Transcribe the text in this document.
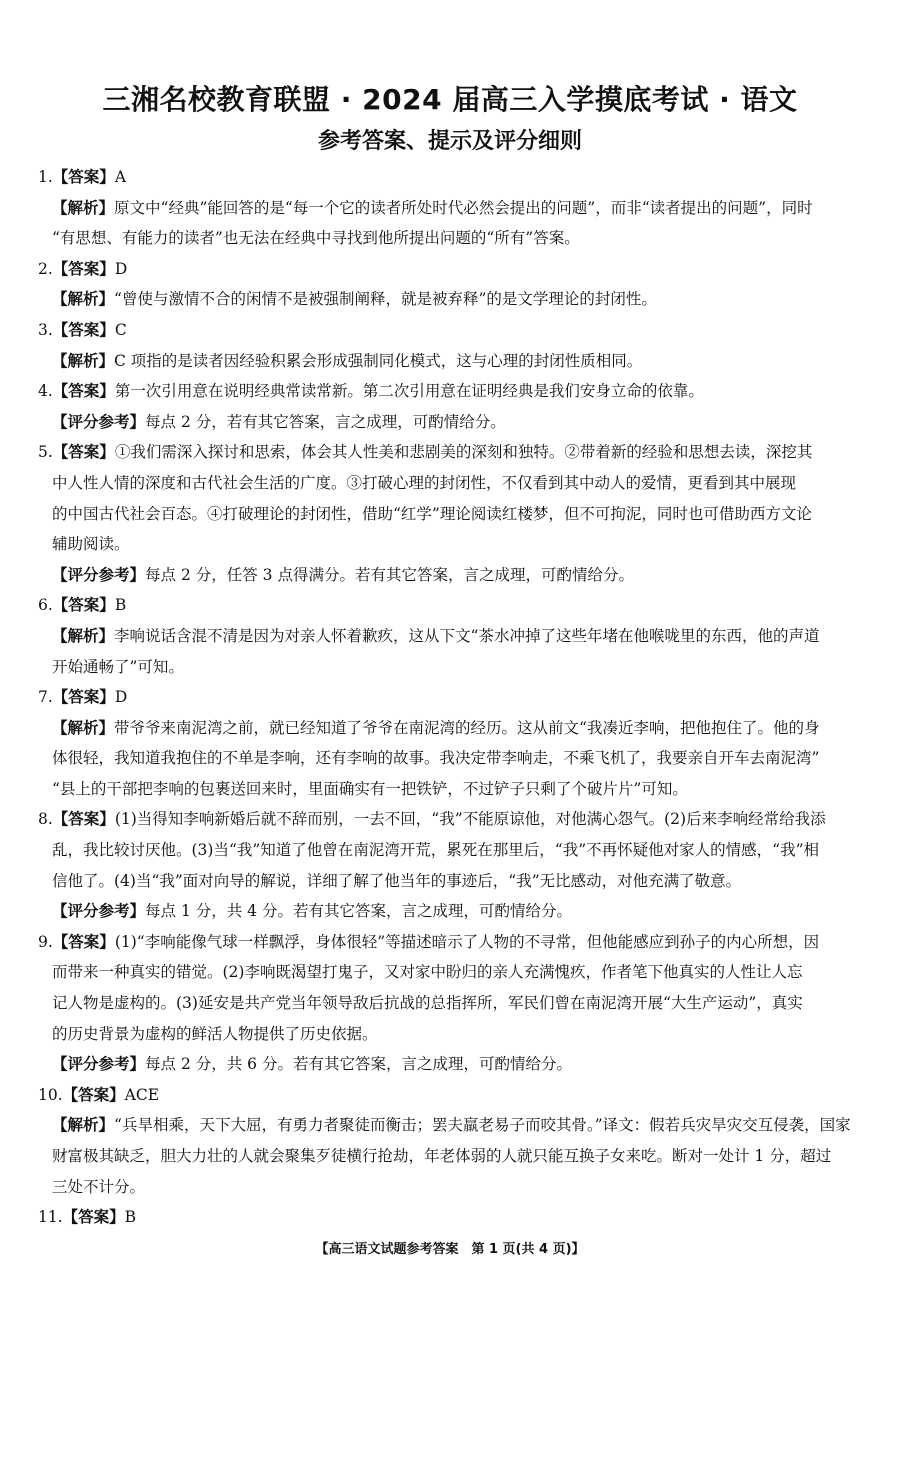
三湘名校教育联盟 · 2024 届高三入学摸底考试 · 语文
参考答案、提示及评分细则
1.【答案】A
【解析】原文中“经典”能回答的是“每一个它的读者所处时代必然会提出的问题”，而非“读者提出的问题”，同时
“有思想、有能力的读者”也无法在经典中寻找到他所提出问题的“所有”答案。
2.【答案】D
【解析】“曾使与激情不合的闲情不是被强制阐释，就是被弃释”的是文学理论的封闭性。
3.【答案】C
【解析】C 项指的是读者因经验积累会形成强制同化模式，这与心理的封闭性质相同。
4.【答案】第一次引用意在说明经典常读常新。第二次引用意在证明经典是我们安身立命的依靠。
【评分参考】每点 2 分，若有其它答案，言之成理，可酌情给分。
5.【答案】①我们需深入探讨和思索，体会其人性美和悲剧美的深刻和独特。②带着新的经验和思想去读，深挖其
中人性人情的深度和古代社会生活的广度。③打破心理的封闭性，不仅看到其中动人的爱情，更看到其中展现
的中国古代社会百态。④打破理论的封闭性，借助“红学”理论阅读红楼梦，但不可拘泥，同时也可借助西方文论
辅助阅读。
【评分参考】每点 2 分，任答 3 点得满分。若有其它答案，言之成理，可酌情给分。
6.【答案】B
【解析】李响说话含混不清是因为对亲人怀着歉疚，这从下文“茶水冲掉了这些年堵在他喉咙里的东西，他的声道
开始通畅了”可知。
7.【答案】D
【解析】带爷爷来南泥湾之前，就已经知道了爷爷在南泥湾的经历。这从前文“我凑近李响，把他抱住了。他的身
体很轻，我知道我抱住的不单是李响，还有李响的故事。我决定带李响走，不乘飞机了，我要亲自开车去南泥湾”
“县上的干部把李响的包裹送回来时，里面确实有一把铁铲，不过铲子只剩了个破片片”可知。
8.【答案】(1)当得知李响新婚后就不辞而别，一去不回，“我”不能原谅他，对他满心怨气。(2)后来李响经常给我添
乱，我比较讨厌他。(3)当“我”知道了他曾在南泥湾开荒，累死在那里后，“我”不再怀疑他对家人的情感，“我”相
信他了。(4)当“我”面对向导的解说，详细了解了他当年的事迹后，“我”无比感动，对他充满了敬意。
【评分参考】每点 1 分，共 4 分。若有其它答案，言之成理，可酌情给分。
9.【答案】(1)“李响能像气球一样飘浮，身体很轻”等描述暗示了人物的不寻常，但他能感应到孙子的内心所想，因
而带来一种真实的错觉。(2)李响既渴望打鬼子，又对家中盼归的亲人充满愧疚，作者笔下他真实的人性让人忘
记人物是虚构的。(3)延安是共产党当年领导敌后抗战的总指挥所，军民们曾在南泥湾开展“大生产运动”，真实
的历史背景为虚构的鲜活人物提供了历史依据。
【评分参考】每点 2 分，共 6 分。若有其它答案，言之成理，可酌情给分。
10.【答案】ACE
【解析】“兵旱相乘，天下大屈，有勇力者聚徒而衡击；罢夫羸老易子而咬其骨。”译文：假若兵灾旱灾交互侵袭，国家
财富极其缺乏，胆大力壮的人就会聚集歹徒横行抢劫，年老体弱的人就只能互换子女来吃。断对一处计 1 分，超过
三处不计分。
11.【答案】B
【高三语文试题参考答案　第 1 页(共 4 页)】
